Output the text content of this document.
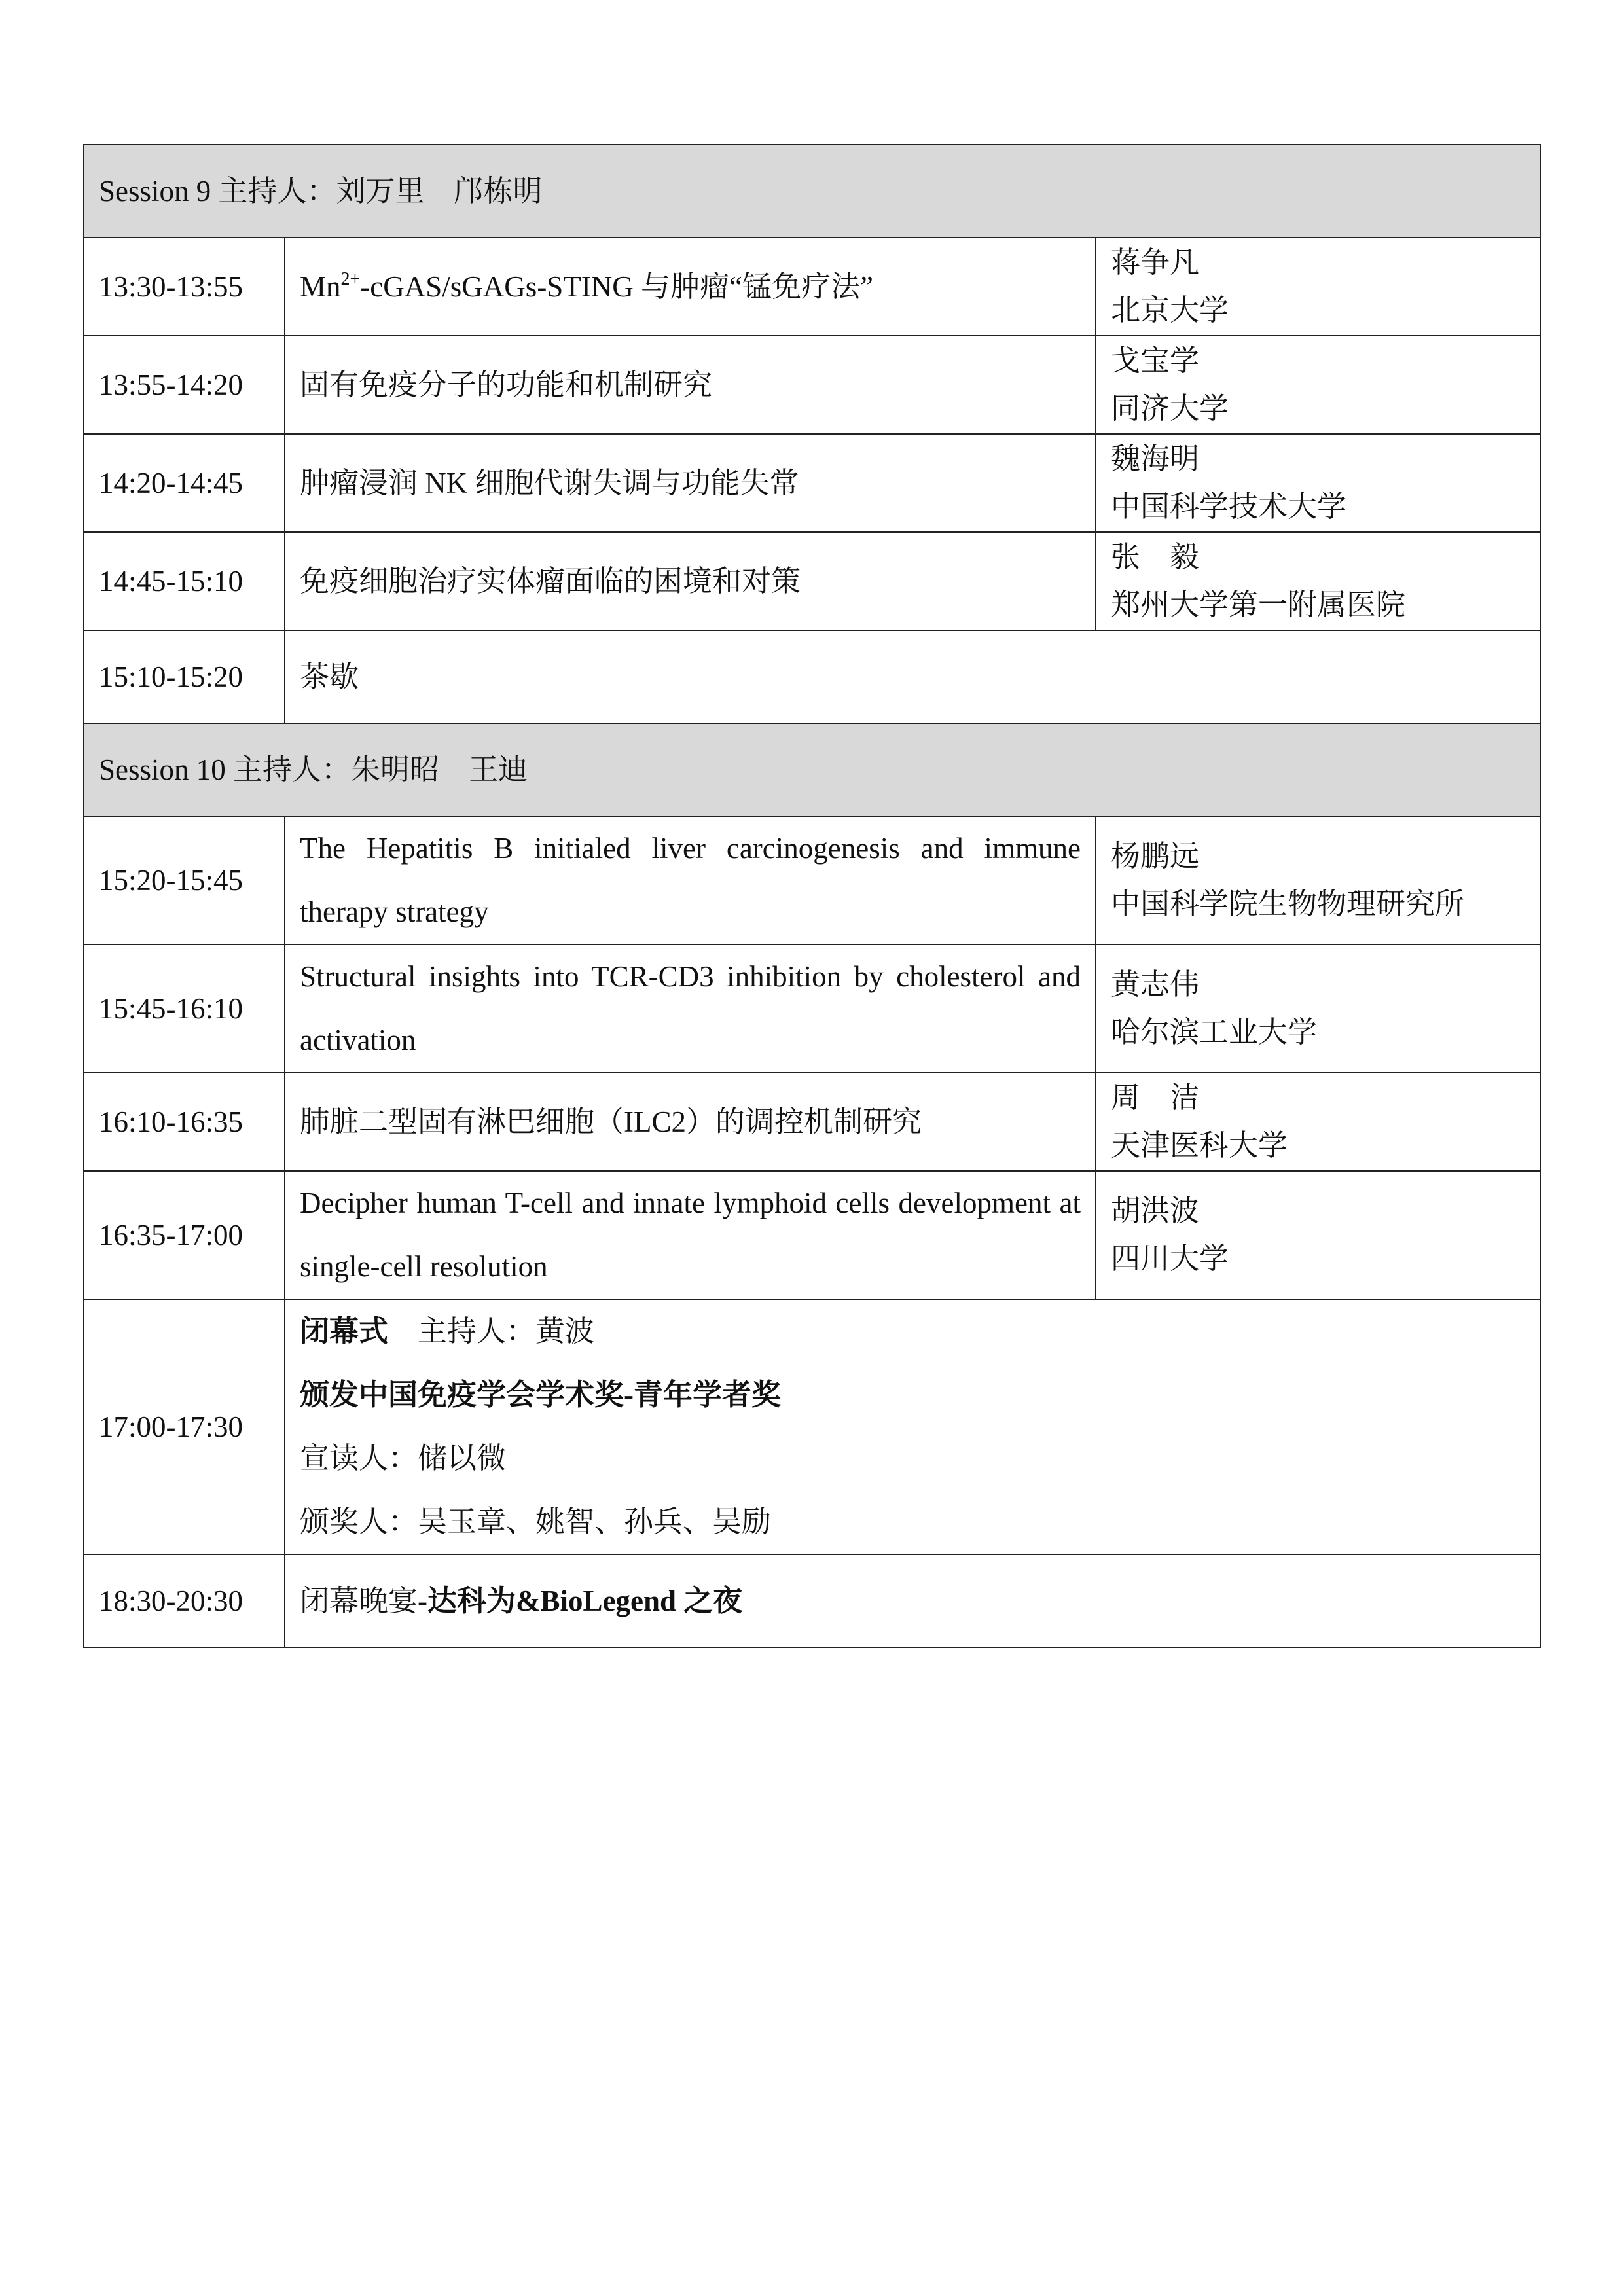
Session 9 主持人：刘万里 邝栋明		
13:30-13:55	$Mn^{2+}-cGAS/sGAGs$-STING 与肿瘤“锰免疗法”	蒋争凡
北京大学

13:55-14:20	固有免疫分子的功能和机制研究	戈宝学
同济大学

14:20-14:45	肿瘤浸润 NK 细胞代谢失调与功能失常	魏海明
中国科学技术大学

14:45-15:10	免疫细胞治疗实体瘤面临的困境和对策	张    毅
郑州大学第一附属医院

15:10-15:20	茶歇	
Session 10 主持人：朱明昭 王迪		
15:20-15:45	The Hepatitis B initialed liver carcinogenesis and immune therapy strategy	杨鹏远
中国科学院生物物理研究所

15:45-16:10	Structural insights into TCR-CD3 inhibition by cholesterol and activation	黄志伟
哈尔滨工业大学

16:10-16:35	肺脏二型固有淋巴细胞（ILC2）的调控机制研究	周    洁
天津医科大学

16:35-17:00	Decipher human T-cell and innate lymphoid cells development at single-cell resolution	胡洪波
四川大学

17:00-17:30	闭幕式 主持人：黄波
颁发中国免疫学会学术奖-青年学者奖
宣读人：储以微
颁奖人：吴玉章、姚智、孙兵、吴励	

18:30-20:30	闭幕晚宴-达科为&BioLegend 之夜	
